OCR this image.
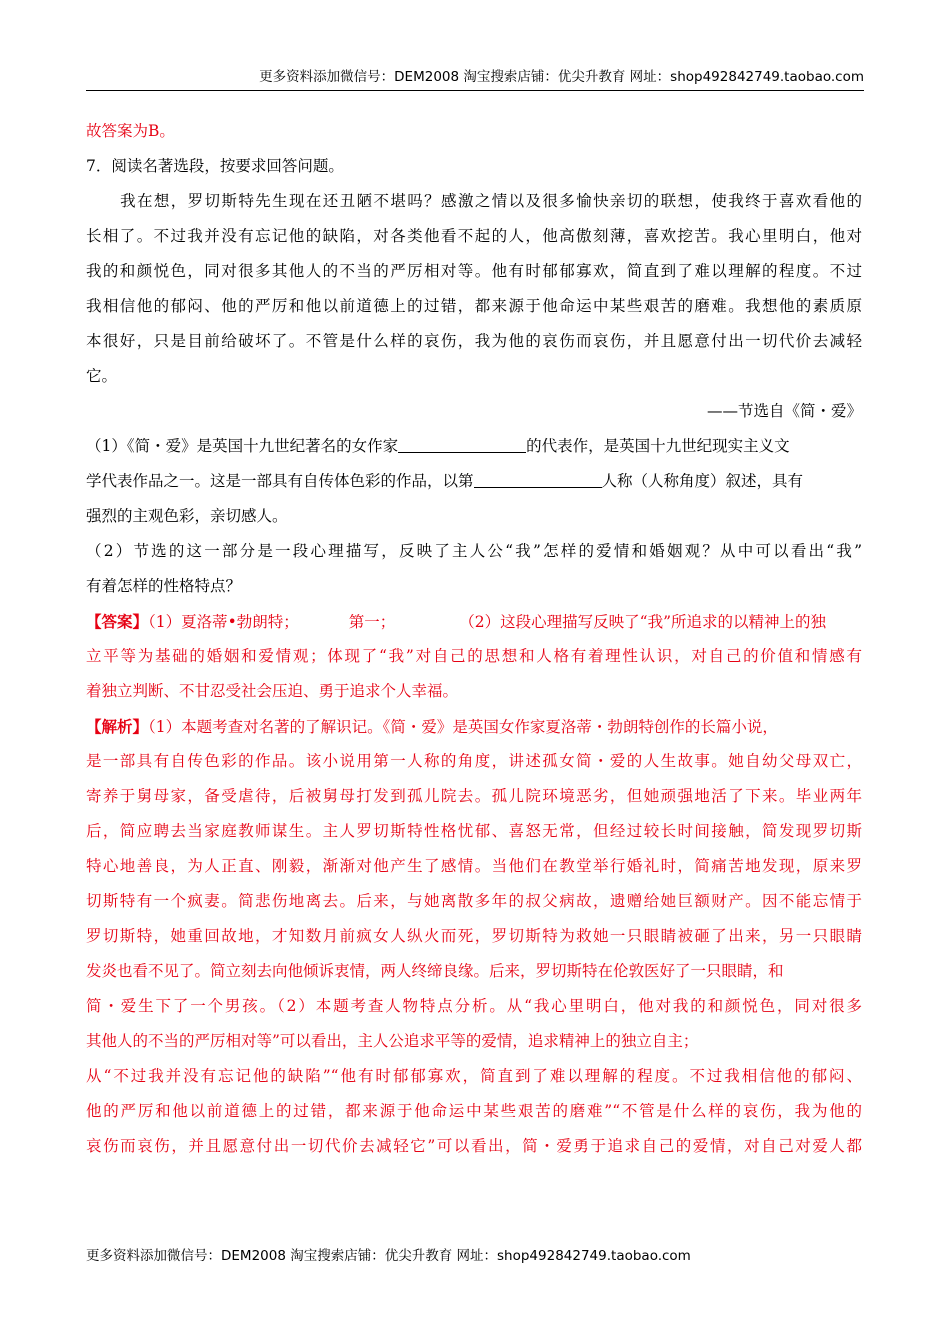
更多资料添加微信号：DEM2008 淘宝搜索店铺：优尖升教育 网址：shop492842749.taobao.com
故答案为B。
7．阅读名著选段，按要求回答问题。
我在想，罗切斯特先生现在还丑陋不堪吗？感激之情以及很多愉快亲切的联想，使我终于喜欢看他的
长相了。不过我并没有忘记他的缺陷，对各类他看不起的人，他高傲刻薄，喜欢挖苦。我心里明白，他对
我的和颜悦色，同对很多其他人的不当的严厉相对等。他有时郁郁寡欢，简直到了难以理解的程度。不过
我相信他的郁闷、他的严厉和他以前道德上的过错，都来源于他命运中某些艰苦的磨难。我想他的素质原
本很好，只是目前给破坏了。不管是什么样的哀伤，我为他的哀伤而哀伤，并且愿意付出一切代价去减轻
它。
——节选自《简・爱》
（1）《简・爱》是英国十九世纪著名的女作家	的代表作，是英国十九世纪现实主义文
学代表作品之一。这是一部具有自传体色彩的作品，以第	人称（人称角度）叙述，具有
强烈的主观色彩，亲切感人。
（2）节选的这一部分是一段心理描写，反映了主人公“我”怎样的爱情和婚姻观？从中可以看出“我”
有着怎样的性格特点？
【答案】（1）夏洛蒂•勃朗特；	第一；	（2）这段心理描写反映了“我”所追求的以精神上的独
立平等为基础的婚姻和爱情观；体现了“我”对自己的思想和人格有着理性认识，对自己的价值和情感有
着独立判断、不甘忍受社会压迫、勇于追求个人幸福。
【解析】（1）本题考查对名著的了解识记。《简・爱》是英国女作家夏洛蒂・勃朗特创作的长篇小说，
是一部具有自传色彩的作品。该小说用第一人称的角度，讲述孤女简・爱的人生故事。她自幼父母双亡，
寄养于舅母家，备受虐待，后被舅母打发到孤儿院去。孤儿院环境恶劣，但她顽强地活了下来。毕业两年
后，简应聘去当家庭教师谋生。主人罗切斯特性格忧郁、喜怒无常，但经过较长时间接触，简发现罗切斯
特心地善良，为人正直、刚毅，渐渐对他产生了感情。当他们在教堂举行婚礼时，简痛苦地发现，原来罗
切斯特有一个疯妻。简悲伤地离去。后来，与她离散多年的叔父病故，遗赠给她巨额财产。因不能忘情于
罗切斯特，她重回故地，才知数月前疯女人纵火而死，罗切斯特为救她一只眼睛被砸了出来，另一只眼睛
发炎也看不见了。简立刻去向他倾诉衷情，两人终缔良缘。后来，罗切斯特在伦敦医好了一只眼睛，和
简・爱生下了一个男孩。（2）本题考查人物特点分析。从“我心里明白，他对我的和颜悦色，同对很多
其他人的不当的严厉相对等”可以看出，主人公追求平等的爱情，追求精神上的独立自主；
从“不过我并没有忘记他的缺陷”“他有时郁郁寡欢，简直到了难以理解的程度。不过我相信他的郁闷、
他的严厉和他以前道德上的过错，都来源于他命运中某些艰苦的磨难”“不管是什么样的哀伤，我为他的
哀伤而哀伤，并且愿意付出一切代价去减轻它”可以看出，简・爱勇于追求自己的爱情，对自己对爱人都
更多资料添加微信号：DEM2008 淘宝搜索店铺：优尖升教育 网址：shop492842749.taobao.com
